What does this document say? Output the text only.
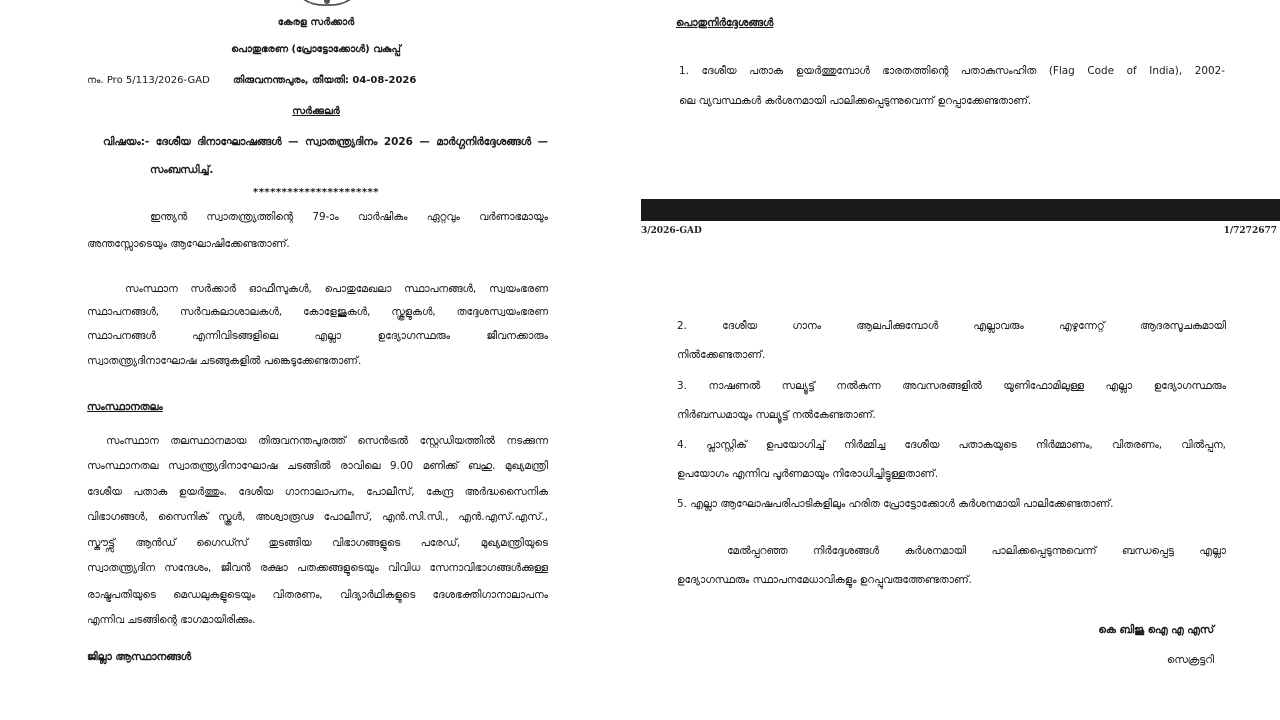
കേരള സർക്കാർ
പൊതുഭരണ (പ്രോട്ടോക്കോൾ) വകുപ്പ്
നം. Pro 5/113/2026-GAD തിരുവനന്തപുരം, തീയതി: 04-08-2026
സർക്കുലർ
വിഷയം:- ദേശീയ ദിനാഘോഷങ്ങൾ — സ്വാതന്ത്ര്യദിനം 2026 — മാർഗ്ഗനിർദ്ദേശങ്ങൾ —
സംബന്ധിച്ച്.
**********************
ഇന്ത്യൻ സ്വാതന്ത്ര്യത്തിന്റെ 79-ാം വാർഷികം ഏറ്റവും വർണാഭമായും
അന്തസ്സോടെയും ആഘോഷിക്കേണ്ടതാണ്.
സംസ്ഥാന സർക്കാർ ഓഫീസുകൾ, പൊതുമേഖലാ സ്ഥാപനങ്ങൾ, സ്വയംഭരണ
സ്ഥാപനങ്ങൾ, സർവകലാശാലകൾ, കോളേജുകൾ, സ്കൂളുകൾ, തദ്ദേശസ്വയംഭരണ
സ്ഥാപനങ്ങൾ എന്നിവിടങ്ങളിലെ എല്ലാ ഉദ്യോഗസ്ഥരും ജീവനക്കാരും
സ്വാതന്ത്ര്യദിനാഘോഷ ചടങ്ങുകളിൽ പങ്കെടുക്കേണ്ടതാണ്.
സംസ്ഥാനതലം
സംസ്ഥാന തലസ്ഥാനമായ തിരുവനന്തപുരത്ത് സെൻട്രൽ സ്റ്റേഡിയത്തിൽ നടക്കുന്ന
സംസ്ഥാനതല സ്വാതന്ത്ര്യദിനാഘോഷ ചടങ്ങിൽ രാവിലെ 9.00 മണിക്ക് ബഹു. മുഖ്യമന്ത്രി
ദേശീയ പതാക ഉയർത്തും. ദേശീയ ഗാനാലാപനം, പോലീസ്, കേന്ദ്ര അർദ്ധസൈനിക
വിഭാഗങ്ങൾ, സൈനിക് സ്കൂൾ, അശ്വാരൂഢ പോലീസ്, എൻ.സി.സി., എൻ.എസ്.എസ്.,
സ്കൗട്ട്സ് ആൻഡ് ഗൈഡ്സ് തുടങ്ങിയ വിഭാഗങ്ങളുടെ പരേഡ്, മുഖ്യമന്ത്രിയുടെ
സ്വാതന്ത്ര്യദിന സന്ദേശം, ജീവൻ രക്ഷാ പതക്കങ്ങളുടെയും വിവിധ സേനാവിഭാഗങ്ങൾക്കുള്ള
രാഷ്ട്രപതിയുടെ മെഡലുകളുടെയും വിതരണം, വിദ്യാർഥികളുടെ ദേശഭക്തിഗാനാലാപനം
എന്നിവ ചടങ്ങിന്റെ ഭാഗമായിരിക്കും.
ജില്ലാ ആസ്ഥാനങ്ങൾ
പൊതുനിർദ്ദേശങ്ങൾ
1. ദേശീയ പതാക ഉയർത്തുമ്പോൾ ഭാരതത്തിന്റെ പതാകസംഹിത (Flag Code of India), 2002-
ലെ വ്യവസ്ഥകൾ കർശനമായി പാലിക്കപ്പെടുന്നുവെന്ന് ഉറപ്പാക്കേണ്ടതാണ്.
3/2026-GAD	1/7272677
2. ദേശീയ ഗാനം ആലപിക്കുമ്പോൾ എല്ലാവരും എഴുന്നേറ്റ് ആദരസൂചകമായി
നിൽക്കേണ്ടതാണ്.
3. നാഷണൽ സല്യൂട്ട് നൽകുന്ന അവസരങ്ങളിൽ യൂണിഫോമിലുള്ള എല്ലാ ഉദ്യോഗസ്ഥരും
നിർബന്ധമായും സല്യൂട്ട് നൽകേണ്ടതാണ്.
4. പ്ലാസ്റ്റിക് ഉപയോഗിച്ച് നിർമ്മിച്ച ദേശീയ പതാകയുടെ നിർമ്മാണം, വിതരണം, വിൽപ്പന,
ഉപയോഗം എന്നിവ പൂർണമായും നിരോധിച്ചിട്ടുള്ളതാണ്.
5. എല്ലാ ആഘോഷപരിപാടികളിലും ഹരിത പ്രോട്ടോക്കോൾ കർശനമായി പാലിക്കേണ്ടതാണ്.
മേൽപ്പറഞ്ഞ നിർദ്ദേശങ്ങൾ കർശനമായി പാലിക്കപ്പെടുന്നുവെന്ന് ബന്ധപ്പെട്ട എല്ലാ
ഉദ്യോഗസ്ഥരും സ്ഥാപനമേധാവികളും ഉറപ്പുവരുത്തേണ്ടതാണ്.
കെ ബിജു ഐ എ എസ്
സെക്രട്ടറി
